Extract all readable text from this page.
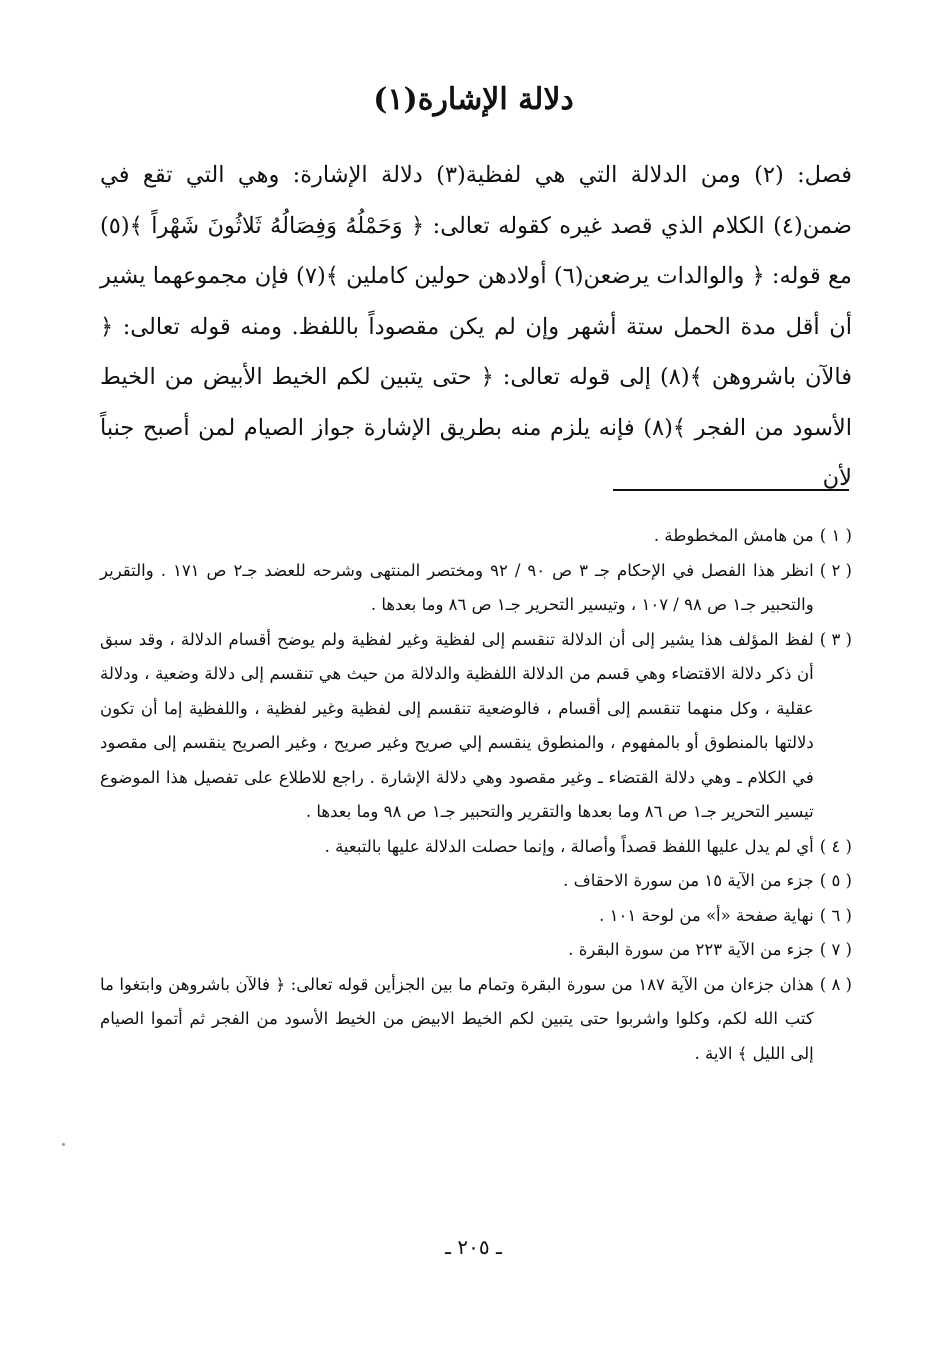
دلالة الإشارة(١)

فصل: (٢) ومن الدلالة التي هي لفظية(٣) دلالة الإشارة: وهي التي تقع في ضمن(٤) الكلام الذي قصد غيره كقوله تعالى: ﴿ وَحَمْلُهُ وَفِصَالُهُ ثَلاثُونَ شَهْراً ﴾(٥) مع قوله: ﴿ والوالدات يرضعن(٦) أولادهن حولين كاملين ﴾(٧) فإن مجموعهما يشير أن أقل مدة الحمل ستة أشهر وإن لم يكن مقصوداً باللفظ. ومنه قوله تعالى: ﴿ فالآن باشروهن ﴾(٨) إلى قوله تعالى: ﴿ حتى يتبين لكم الخيط الأبيض من الخيط الأسود من الفجر ﴾(٨) فإنه يلزم منه بطريق الإشارة جواز الصيام لمن أصبح جنباً لأن

( ١ )
من هامش المخطوطة .
( ٢ )
انظر هذا الفصل في الإحكام جـ ٣ ص ٩٠ / ٩٢ ومختصر المنتهى وشرحه للعضد جـ٢ ص ١٧١ . والتقرير والتحبير جـ١ ص ٩٨ / ١٠٧ ، وتيسير التحرير جـ١ ص ٨٦ وما بعدها .
( ٣ )
لفظ المؤلف هذا يشير إلى أن الدلالة تنقسم إلى لفظية وغير لفظية ولم يوضح أقسام الدلالة ، وقد سبق أن ذكر دلالة الاقتضاء وهي قسم من الدلالة اللفظية والدلالة من حيث هي تنقسم إلى دلالة وضعية ، ودلالة عقلية ، وكل منهما تنقسم إلى أقسام ، فالوضعية تنقسم إلى لفظية وغير لفظية ، واللفظية إما أن تكون دلالتها بالمنطوق أو بالمفهوم ، والمنطوق ينقسم إلي صريح وغير صريح ، وغير الصريح ينقسم إلى مقصود في الكلام ـ وهي دلالة القتضاء ـ وغير مقصود وهي دلالة الإشارة . راجع للاطلاع على تفصيل هذا الموضوع تيسير التحرير جـ١ ص ٨٦ وما بعدها والتقرير والتحبير جـ١ ص ٩٨ وما بعدها .
( ٤ )
أي لم يدل عليها اللفظ قصداً وأصالة ، وإنما حصلت الدلالة عليها بالتبعية .
( ٥ )
جزء من الآية ١٥ من سورة الاحقاف .
( ٦ )
نهاية صفحة «أ» من لوحة ١٠١ .
( ٧ )
جزء من الآية ٢٢٣ من سورة البقرة .
( ٨ )
هذان جزءان من الآية ١٨٧ من سورة البقرة وتمام ما بين الجزأين قوله تعالى: ﴿ فالآن باشروهن وابتغوا ما كتب الله لكم، وكلوا واشربوا حتى يتبين لكم الخيط الابيض من الخيط الأسود من الفجر ثم أتموا الصيام إلى الليل ﴾ الاية .
ـ ٢٠٥ ـ
